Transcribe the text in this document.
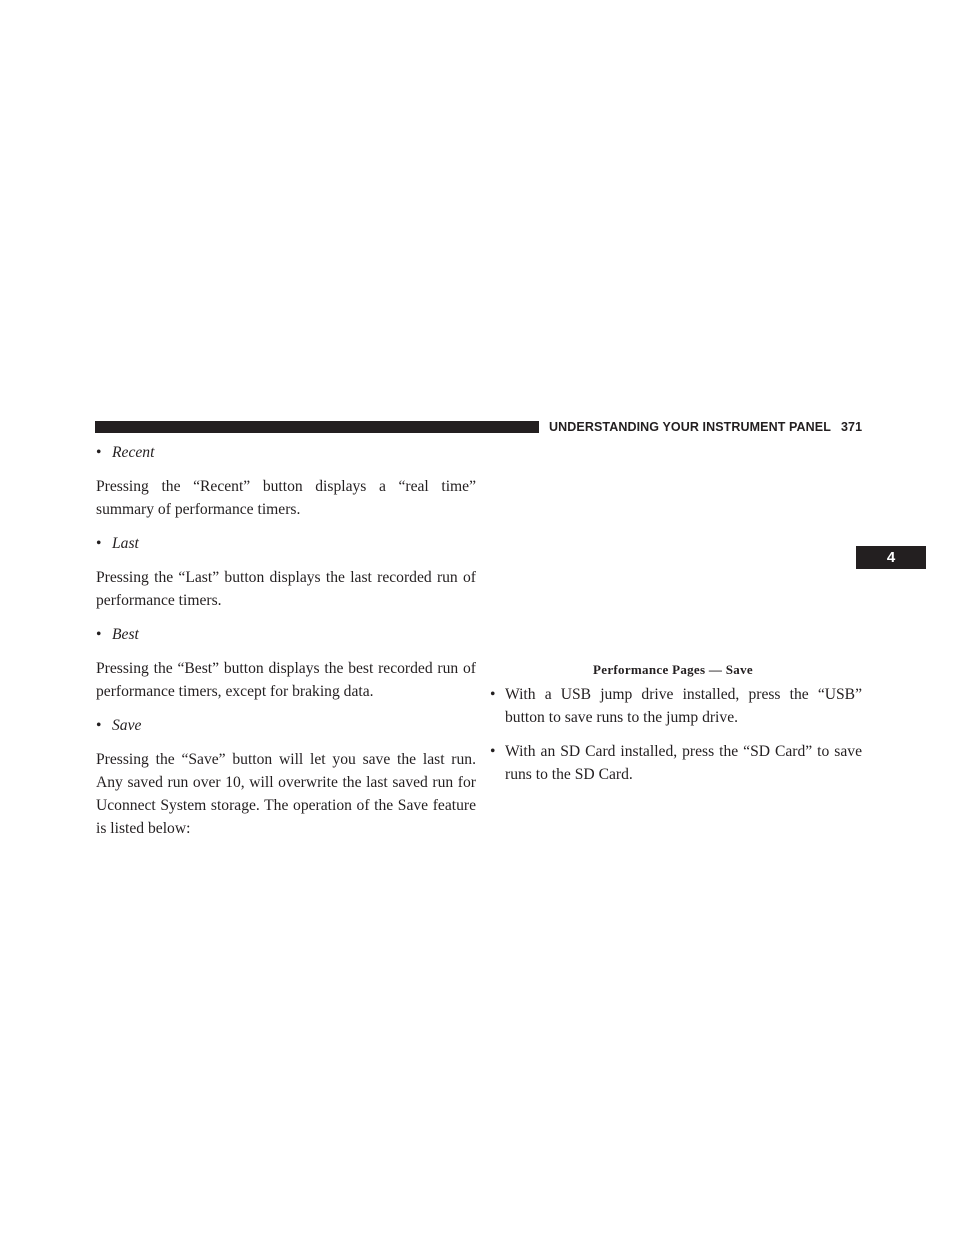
UNDERSTANDING YOUR INSTRUMENT PANEL 371
4
•
Recent

Pressing the “Recent” button displays a “real time” summary of performance timers.

•
Last

Pressing the “Last” button displays the last recorded run of performance timers.

•
Best

Pressing the “Best” button displays the best recorded run of performance timers, except for braking data.

•
Save

Pressing the “Save” button will let you save the last run. Any saved run over 10, will overwrite the last saved run for Uconnect System storage. The operation of the Save feature is listed below:

Performance Pages — Save
•
With a USB jump drive installed, press the “USB” button to save runs to the jump drive.
•
With an SD Card installed, press the “SD Card” to save runs to the SD Card.
